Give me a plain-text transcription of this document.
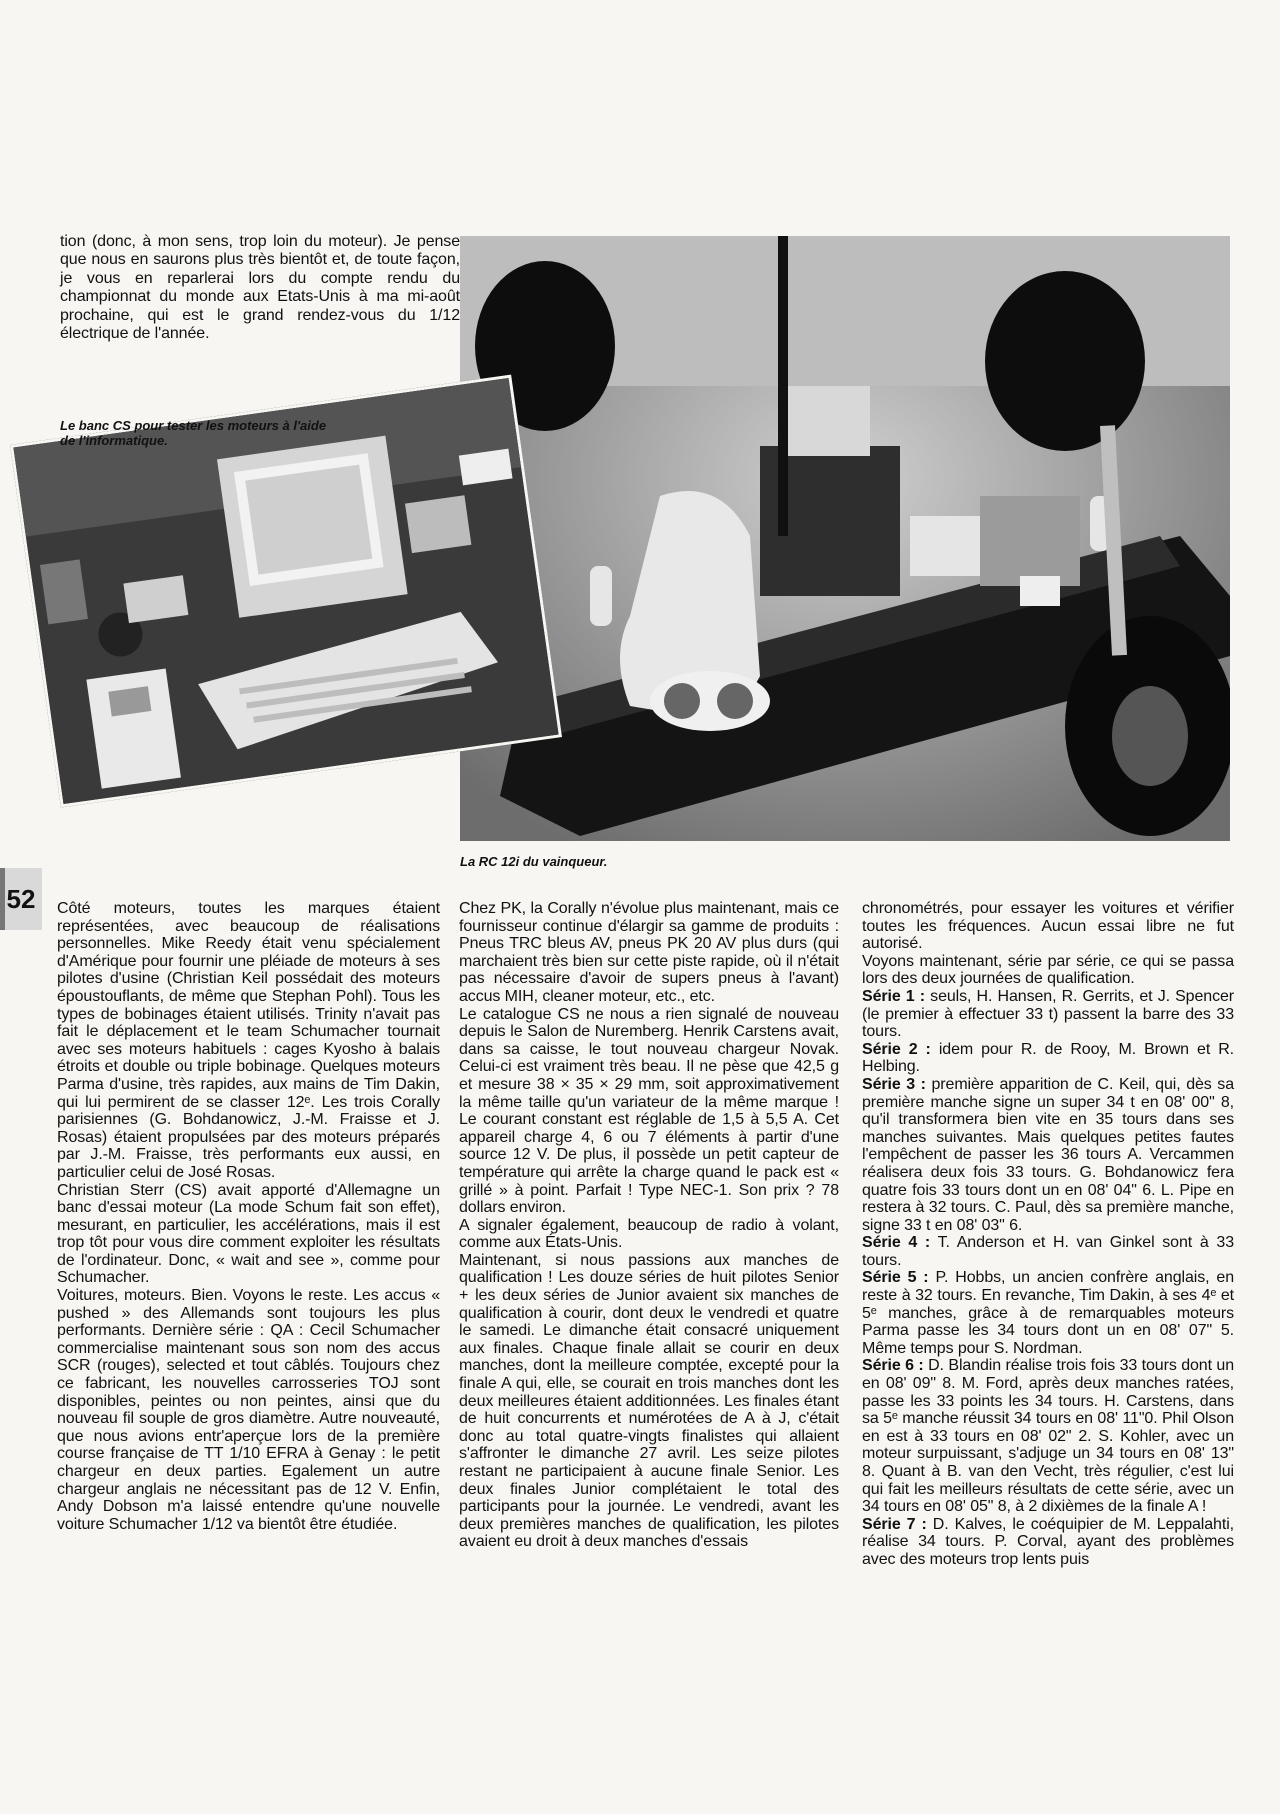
tion (donc, à mon sens, trop loin du moteur). Je pense que nous en saurons plus très bientôt et, de toute façon, je vous en reparlerai lors du compte rendu du championnat du monde aux Etats-Unis à ma mi-août prochaine, qui est le grand rendez-vous du 1/12 électrique de l'année.
Le banc CS pour tester les moteurs à l'aide de l'informatique.
La RC 12i du vainqueur.
52 Côté moteurs, toutes les marques étaient représentées, avec beaucoup de réalisations personnelles. Mike Reedy était venu spécialement d'Amérique pour fournir une pléiade de moteurs à ses pilotes d'usine (Christian Keil possédait des moteurs époustouflants, de même que Stephan Pohl). Tous les types de bobinages étaient utilisés. Trinity n'avait pas fait le déplacement et le team Schumacher tournait avec ses moteurs habituels : cages Kyosho à balais étroits et double ou triple bobinage. Quelques moteurs Parma d'usine, très rapides, aux mains de Tim Dakin, qui lui permirent de se classer 12ᵉ. Les trois Corally parisiennes (G. Bohdanowicz, J.-M. Fraisse et J. Rosas) étaient propulsées par des moteurs préparés par J.-M. Fraisse, très performants eux aussi, en particulier celui de José Rosas.
Christian Sterr (CS) avait apporté d'Allemagne un banc d'essai moteur (La mode Schum fait son effet), mesurant, en particulier, les accélérations, mais il est trop tôt pour vous dire comment exploiter les résultats de l'ordinateur. Donc, « wait and see », comme pour Schumacher.
Voitures, moteurs. Bien. Voyons le reste. Les accus « pushed » des Allemands sont toujours les plus performants. Dernière série : QA : Cecil Schumacher commercialise maintenant sous son nom des accus SCR (rouges), selected et tout câblés. Toujours chez ce fabricant, les nouvelles carrosseries TOJ sont disponibles, peintes ou non peintes, ainsi que du nouveau fil souple de gros diamètre. Autre nouveauté, que nous avions entr'aperçue lors de la première course française de TT 1/10 EFRA à Genay : le petit chargeur en deux parties. Egalement un autre chargeur anglais ne nécessitant pas de 12 V. Enfin, Andy Dobson m'a laissé entendre qu'une nouvelle voiture Schumacher 1/12 va bientôt être étudiée.
Chez PK, la Corally n'évolue plus maintenant, mais ce fournisseur continue d'élargir sa gamme de produits : Pneus TRC bleus AV, pneus PK 20 AV plus durs (qui marchaient très bien sur cette piste rapide, où il n'était pas nécessaire d'avoir de supers pneus à l'avant) accus MIH, cleaner moteur, etc., etc.
Le catalogue CS ne nous a rien signalé de nouveau depuis le Salon de Nuremberg. Henrik Carstens avait, dans sa caisse, le tout nouveau chargeur Novak. Celui-ci est vraiment très beau. Il ne pèse que 42,5 g et mesure 38 × 35 × 29 mm, soit approximativement la même taille qu'un variateur de la même marque ! Le courant constant est réglable de 1,5 à 5,5 A. Cet appareil charge 4, 6 ou 7 éléments à partir d'une source 12 V. De plus, il possède un petit capteur de température qui arrête la charge quand le pack est « grillé » à point. Parfait ! Type NEC-1. Son prix ? 78 dollars environ.
A signaler également, beaucoup de radio à volant, comme aux États-Unis.
Maintenant, si nous passions aux manches de qualification ! Les douze séries de huit pilotes Senior + les deux séries de Junior avaient six manches de qualification à courir, dont deux le vendredi et quatre le samedi. Le dimanche était consacré uniquement aux finales. Chaque finale allait se courir en deux manches, dont la meilleure comptée, excepté pour la finale A qui, elle, se courait en trois manches dont les deux meilleures étaient additionnées. Les finales étant de huit concurrents et numérotées de A à J, c'était donc au total quatre-vingts finalistes qui allaient s'affronter le dimanche 27 avril. Les seize pilotes restant ne participaient à aucune finale Senior. Les deux finales Junior complétaient le total des participants pour la journée. Le vendredi, avant les deux premières manches de qualification, les pilotes avaient eu droit à deux manches d'essais

chronométrés, pour essayer les voitures et vérifier toutes les fréquences. Aucun essai libre ne fut autorisé.
Voyons maintenant, série par série, ce qui se passa lors des deux journées de qualification.

Série 1 : seuls, H. Hansen, R. Gerrits, et J. Spencer (le premier à effectuer 33 t) passent la barre des 33 tours.

Série 2 : idem pour R. de Rooy, M. Brown et R. Helbing.

Série 3 : première apparition de C. Keil, qui, dès sa première manche signe un super 34 t en 08' 00" 8, qu'il transformera bien vite en 35 tours dans ses manches suivantes. Mais quelques petites fautes l'empêchent de passer les 36 tours A. Vercammen réalisera deux fois 33 tours. G. Bohdanowicz fera quatre fois 33 tours dont un en 08' 04" 6. L. Pipe en restera à 32 tours. C. Paul, dès sa première manche, signe 33 t en 08' 03" 6.

Série 4 : T. Anderson et H. van Ginkel sont à 33 tours.

Série 5 : P. Hobbs, un ancien confrère anglais, en reste à 32 tours. En revanche, Tim Dakin, à ses 4ᵉ et 5ᵉ manches, grâce à de remarquables moteurs Parma passe les 34 tours dont un en 08' 07" 5. Même temps pour S. Nordman.

Série 6 : D. Blandin réalise trois fois 33 tours dont un en 08' 09" 8. M. Ford, après deux manches ratées, passe les 33 points les 34 tours. H. Carstens, dans sa 5ᵉ manche réussit 34 tours en 08' 11"0. Phil Olson en est à 33 tours en 08' 02" 2. S. Kohler, avec un moteur surpuissant, s'adjuge un 34 tours en 08' 13" 8. Quant à B. van den Vecht, très régulier, c'est lui qui fait les meilleurs résultats de cette série, avec un 34 tours en 08' 05" 8, à 2 dixièmes de la finale A !

Série 7 : D. Kalves, le coéquipier de M. Leppalahti, réalise 34 tours. P. Corval, ayant des problèmes avec des moteurs trop lents puis
